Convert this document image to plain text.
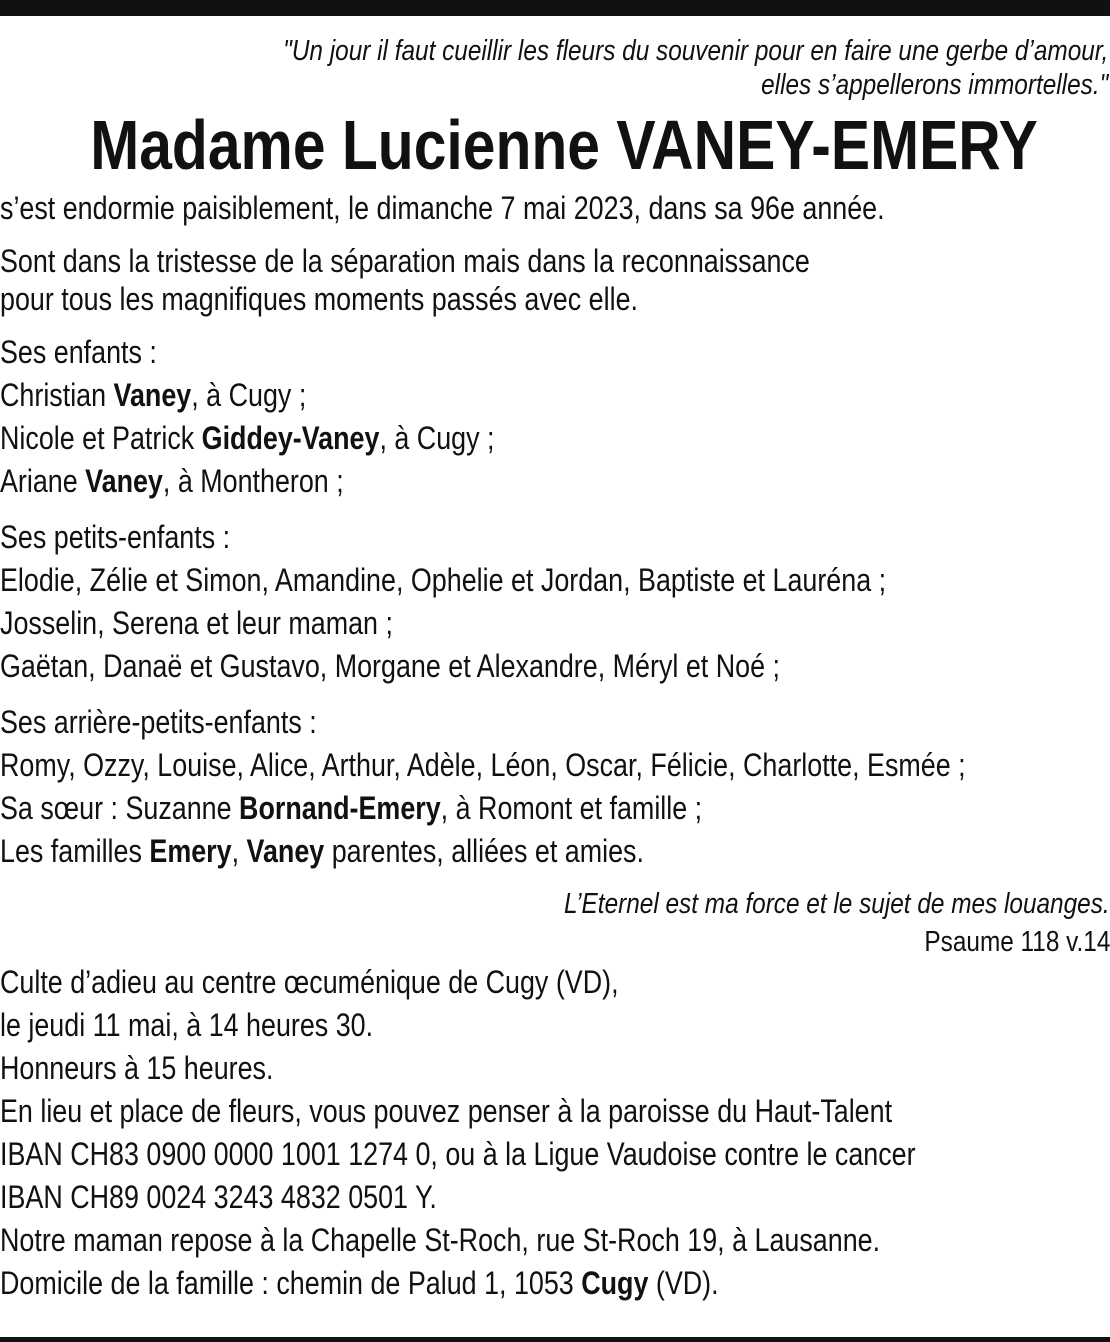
"Un jour il faut cueillir les fleurs du souvenir pour en faire une gerbe d’amour,
elles s’appellerons immortelles."
Madame Lucienne VANEY-EMERY
s’est endormie paisiblement, le dimanche 7 mai 2023, dans sa 96e année.
Sont dans la tristesse de la séparation mais dans la reconnaissance
pour tous les magnifiques moments passés avec elle.
Ses enfants :
Christian Vaney, à Cugy ;
Nicole et Patrick Giddey-Vaney, à Cugy ;
Ariane Vaney, à Montheron ;
Ses petits-enfants :
Elodie, Zélie et Simon, Amandine, Ophelie et Jordan, Baptiste et Lauréna ;
Josselin, Serena et leur maman ;
Gaëtan, Danaë et Gustavo, Morgane et Alexandre, Méryl et Noé ;
Ses arrière-petits-enfants :
Romy, Ozzy, Louise, Alice, Arthur, Adèle, Léon, Oscar, Félicie, Charlotte, Esmée ;
Sa sœur : Suzanne Bornand-Emery, à Romont et famille ;
Les familles Emery, Vaney parentes, alliées et amies.
L’Eternel est ma force et le sujet de mes louanges.
Psaume 118 v.14
Culte d’adieu au centre œcuménique de Cugy (VD),
le jeudi 11 mai, à 14 heures 30.
Honneurs à 15 heures.
En lieu et place de fleurs, vous pouvez penser à la paroisse du Haut-Talent
IBAN CH83 0900 0000 1001 1274 0, ou à la Ligue Vaudoise contre le cancer
IBAN CH89 0024 3243 4832 0501 Y.
Notre maman repose à la Chapelle St-Roch, rue St-Roch 19, à Lausanne.
Domicile de la famille : chemin de Palud 1, 1053 Cugy (VD).
